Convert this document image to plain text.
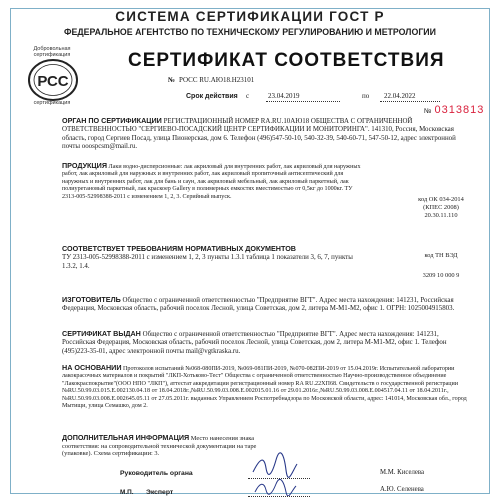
СИСТЕМА СЕРТИФИКАЦИИ ГОСТ Р
ФЕДЕРАЛЬНОЕ АГЕНТСТВО ПО ТЕХНИЧЕСКОМУ РЕГУЛИРОВАНИЮ И МЕТРОЛОГИИ
Добровольная сертификация
РСС
сертификация
СЕРТИФИКАТ СООТВЕТСТВИЯ
№ РОСС RU.АЮ18.Н23101
Срок действия с	23.04.2019	по 22.04.2022
№ 0313813
ОРГАН ПО СЕРТИФИКАЦИИ РЕГИСТРАЦИОННЫЙ НОМЕР RA.RU.10АЮ18 ОБЩЕСТВА С ОГРАНИЧЕННОЙ ОТВЕТСТВЕННОСТЬЮ "СЕРГИЕВО-ПОСАДСКИЙ ЦЕНТР СЕРТИФИКАЦИИ И МОНИТОРИНГА". 141310, Россия, Московская область, город Сергиев Посад, улица Пионерская, дом 6. Телефон (496)547-50-10, 540-32-39, 540-60-71, 547-50-12, адрес электронной почты ooospcsm@mail.ru.
ПРОДУКЦИЯ Лаки водно-дисперсионные: лак акриловый для внутренних работ, лак акриловый для наружных работ, лак акриловый для наружных и внутренних работ, лак акриловый пропиточный антисептический для наружных и внутренних работ, лак для бань и саун, лак акриловый мебельный, лак акриловый паркетный, лак полиуретановый паркетный, лак краскоер Gallery в полимерных емкостях вместимостью от 0,5кг до 1000кг. ТУ 2313-005-52998388-2011 с изменением 1, 2, 3. Серийный выпуск.	код ОК 034-2014
(КПЕС 2008)
20.30.11.110
СООТВЕТСТВУЕТ ТРЕБОВАНИЯМ НОРМАТИВНЫХ ДОКУМЕНТОВ
ТУ 2313-005-52998388-2011 с изменением 1, 2, 3 пункты 1.3.1 таблица 1 показатели 3, 6, 7, пункты 1.3.2, 1.4.
код ТН ВЭД
3209 10 000 9
ИЗГОТОВИТЕЛЬ Общество с ограниченной ответственностью "Предприятие ВГТ". Адрес места нахождения: 141231, Российская Федерация, Московская область, рабочий поселок Лесной, улица Советская, дом 2, литера М-М1-М2, офис 1. ОГРН: 1025004915803.
СЕРТИФИКАТ ВЫДАН Общество с ограниченной ответственностью "Предприятие ВГТ". Адрес места нахождения: 141231, Российская Федерация, Московская область, рабочий поселок Лесной, улица Советская, дом 2, литера М-М1-М2, офис 1. Телефон (495)223-35-01, адрес электронной почты mail@vgtkraska.ru.
НА ОСНОВАНИИ Протоколов испытаний №068-080ПИ-2019, №069-081ПИ-2019, №070-082ПИ-2019 от 15.04.2019г. Испытательной лаборатории лакокрасочных материалов и покрытий "ЛКП-Хотьково-Тест" Общества с ограниченной ответственностью Научно-производственное объединение "Лакокраспокрытие"(ООО НПО "ЛКП"), аттестат аккредитации регистрационный номер RA RU.22ХП68. Свидетельств о государственной регистрации №RU.50.99.03.015.Е.002130.04.18 от 18.04.2018г.,№RU.50.99.03.008.Е.002015.01.16 от 29.01.2016г.,№RU.50.99.03.008.Е.004517.04.11 от 18.04.2011г.,№RU.50.99.03.008.Е.002645.05.11 от 27.05.2011г. выданных Управлением Роспотребнадзора по Московской области, адрес: 141014, Московская обл., город Мытищи, улица Семашко, дом 2.
ДОПОЛНИТЕЛЬНАЯ ИНФОРМАЦИЯ Место нанесения знака соответствия: на сопроводительной технической документации на таре (упаковке). Схема сертификации: 3.
Руководитель органа	М.М. Киселева
М.П. Эксперт	А.Ю. Селенева
